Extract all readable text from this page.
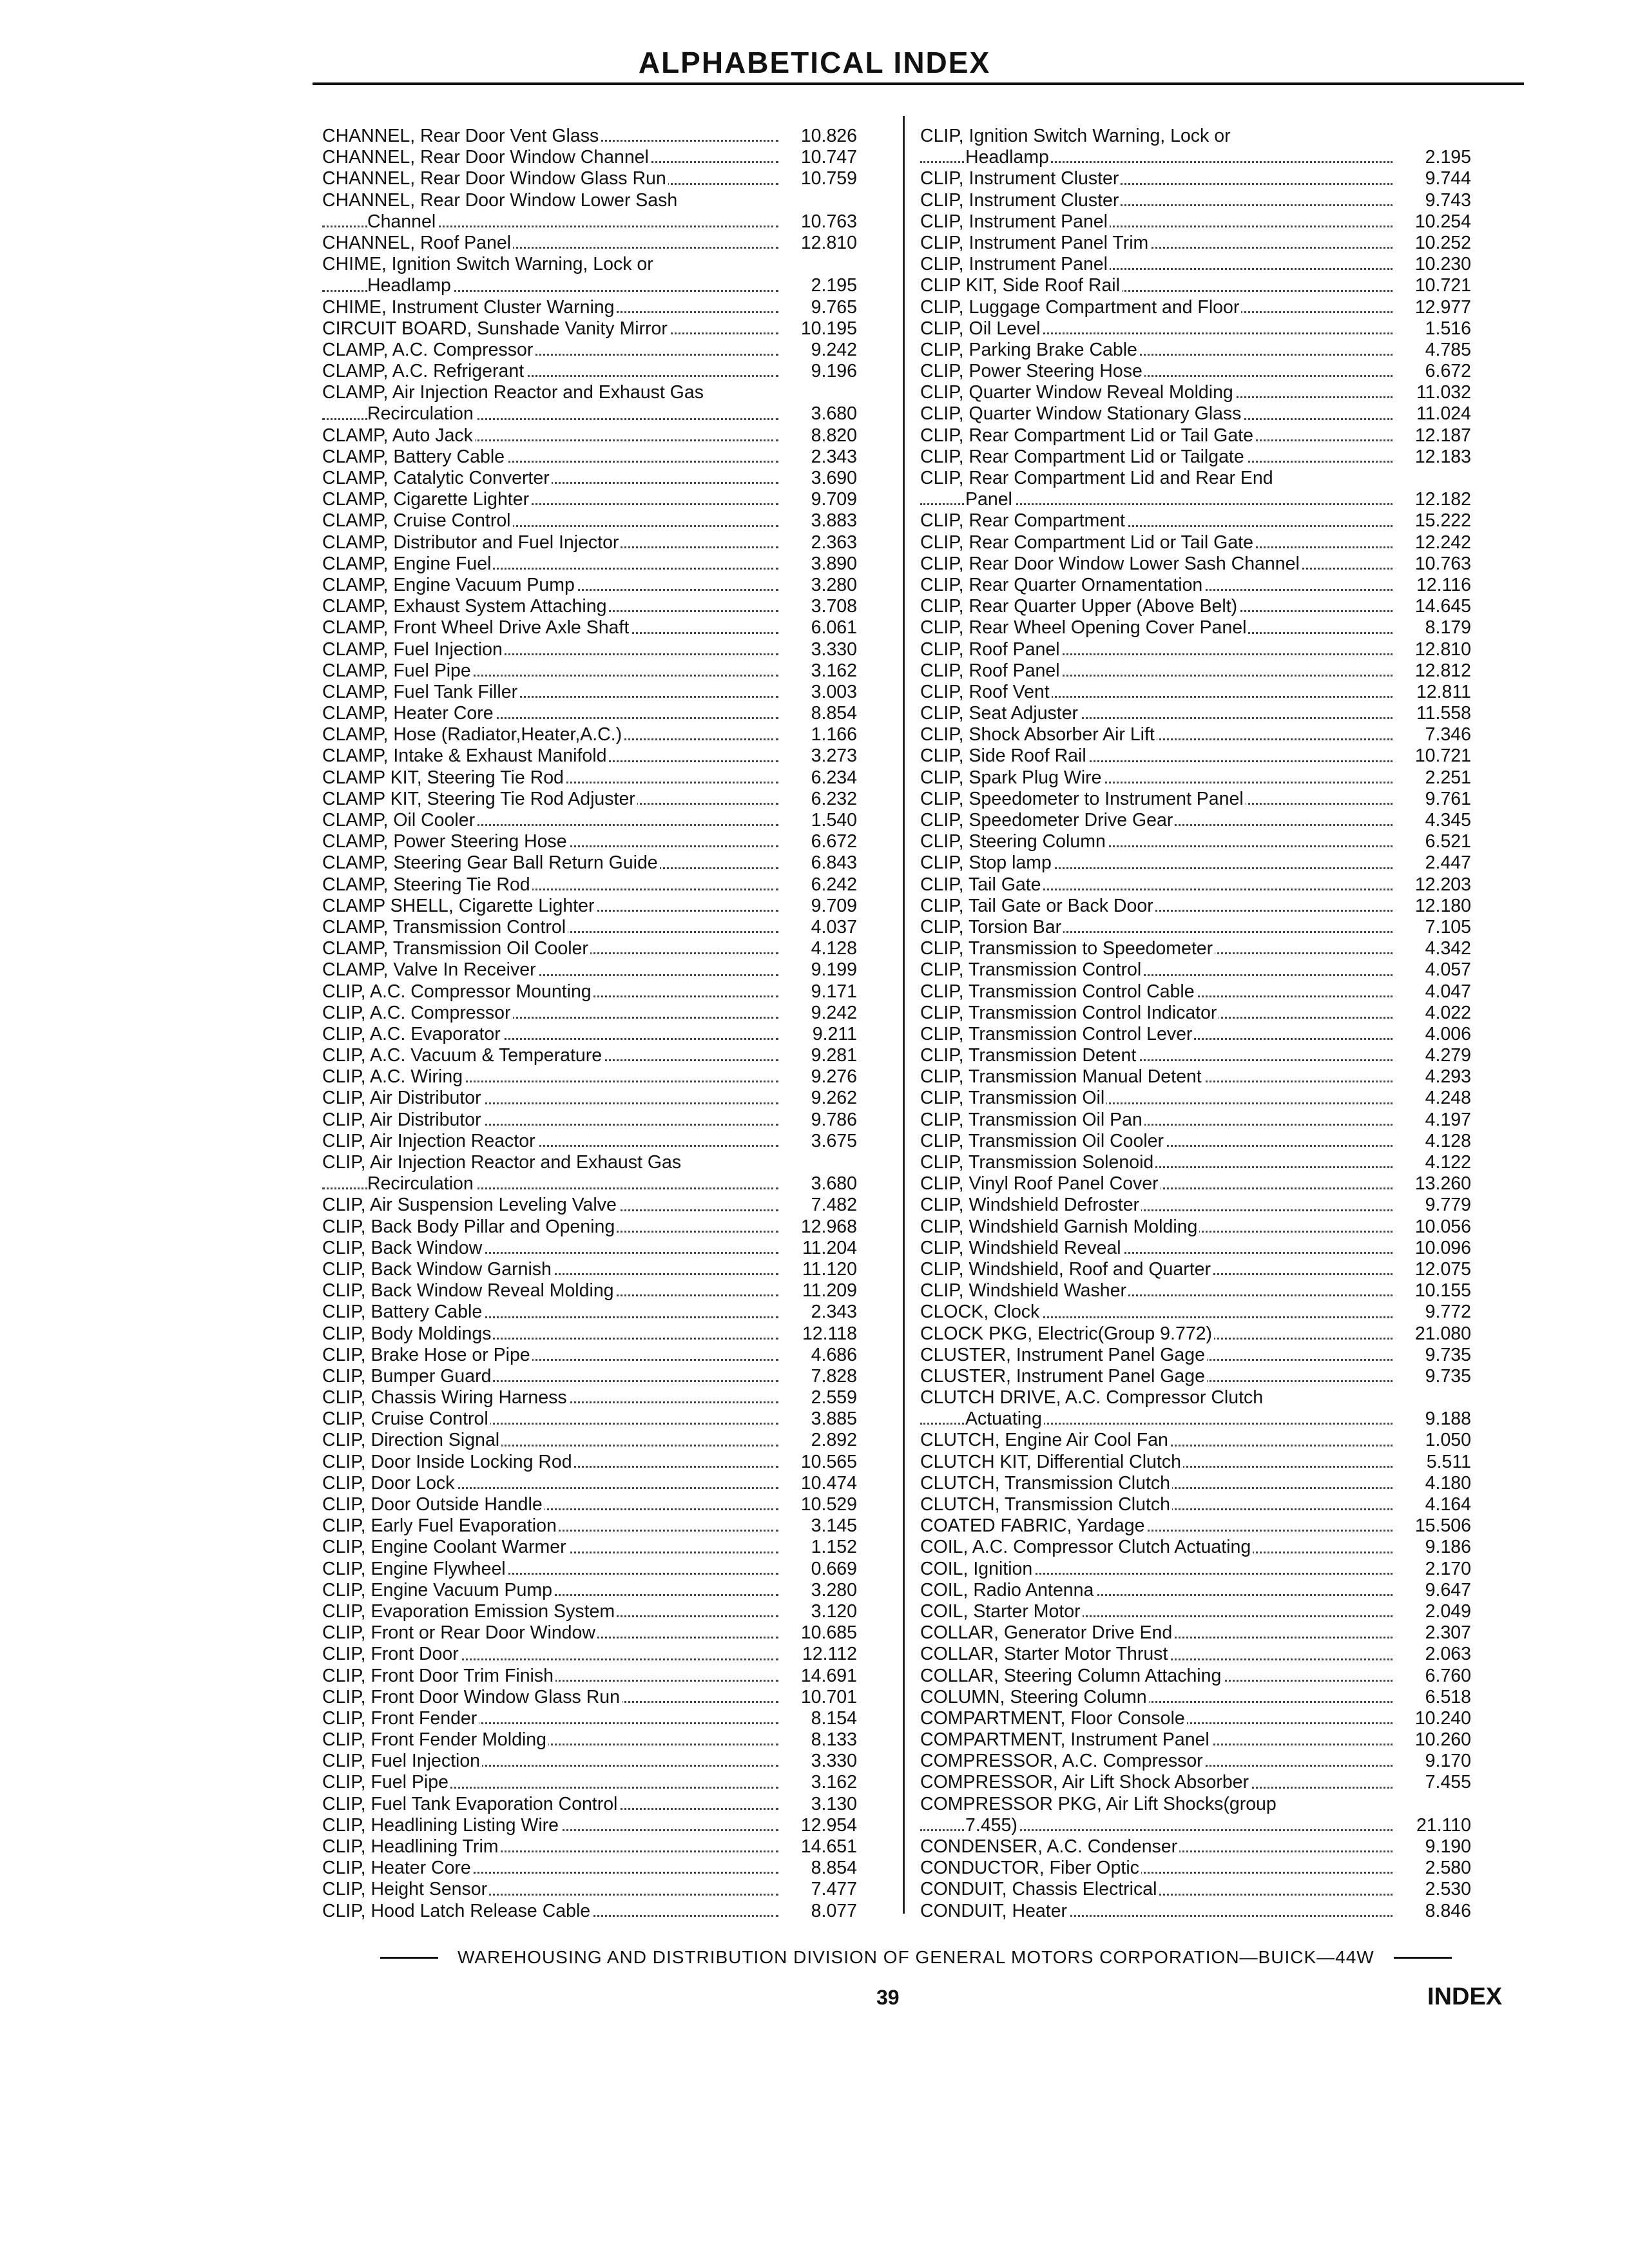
ALPHABETICAL INDEX
CHANNEL, Rear Door Vent Glass	10.826
CHANNEL, Rear Door Window Channel	10.747
CHANNEL, Rear Door Window Glass Run	10.759
CHANNEL, Rear Door Window Lower Sash
Channel	10.763
CHANNEL, Roof Panel	12.810
CHIME, Ignition Switch Warning, Lock or
Headlamp	2.195
CHIME, Instrument Cluster Warning	9.765
CIRCUIT BOARD, Sunshade Vanity Mirror	10.195
CLAMP, A.C. Compressor	9.242
CLAMP, A.C. Refrigerant	9.196
CLAMP, Air Injection Reactor and Exhaust Gas
Recirculation	3.680
CLAMP, Auto Jack	8.820
CLAMP, Battery Cable	2.343
CLAMP, Catalytic Converter	3.690
CLAMP, Cigarette Lighter	9.709
CLAMP, Cruise Control	3.883
CLAMP, Distributor and Fuel Injector	2.363
CLAMP, Engine Fuel	3.890
CLAMP, Engine Vacuum Pump	3.280
CLAMP, Exhaust System Attaching	3.708
CLAMP, Front Wheel Drive Axle Shaft	6.061
CLAMP, Fuel Injection	3.330
CLAMP, Fuel Pipe	3.162
CLAMP, Fuel Tank Filler	3.003
CLAMP, Heater Core	8.854
CLAMP, Hose (Radiator,Heater,A.C.)	1.166
CLAMP, Intake & Exhaust Manifold	3.273
CLAMP KIT, Steering Tie Rod	6.234
CLAMP KIT, Steering Tie Rod Adjuster	6.232
CLAMP, Oil Cooler	1.540
CLAMP, Power Steering Hose	6.672
CLAMP, Steering Gear Ball Return Guide	6.843
CLAMP, Steering Tie Rod	6.242
CLAMP SHELL, Cigarette Lighter	9.709
CLAMP, Transmission Control	4.037
CLAMP, Transmission Oil Cooler	4.128
CLAMP, Valve In Receiver	9.199
CLIP, A.C. Compressor Mounting	9.171
CLIP, A.C. Compressor	9.242
CLIP, A.C. Evaporator	9.211
CLIP, A.C. Vacuum & Temperature	9.281
CLIP, A.C. Wiring	9.276
CLIP, Air Distributor	9.262
CLIP, Air Distributor	9.786
CLIP, Air Injection Reactor	3.675
CLIP, Air Injection Reactor and Exhaust Gas
Recirculation	3.680
CLIP, Air Suspension Leveling Valve	7.482
CLIP, Back Body Pillar and Opening	12.968
CLIP, Back Window	11.204
CLIP, Back Window Garnish	11.120
CLIP, Back Window Reveal Molding	11.209
CLIP, Battery Cable	2.343
CLIP, Body Moldings	12.118
CLIP, Brake Hose or Pipe	4.686
CLIP, Bumper Guard	7.828
CLIP, Chassis Wiring Harness	2.559
CLIP, Cruise Control	3.885
CLIP, Direction Signal	2.892
CLIP, Door Inside Locking Rod	10.565
CLIP, Door Lock	10.474
CLIP, Door Outside Handle	10.529
CLIP, Early Fuel Evaporation	3.145
CLIP, Engine Coolant Warmer	1.152
CLIP, Engine Flywheel	0.669
CLIP, Engine Vacuum Pump	3.280
CLIP, Evaporation Emission System	3.120
CLIP, Front or Rear Door Window	10.685
CLIP, Front Door	12.112
CLIP, Front Door Trim Finish	14.691
CLIP, Front Door Window Glass Run	10.701
CLIP, Front Fender	8.154
CLIP, Front Fender Molding	8.133
CLIP, Fuel Injection	3.330
CLIP, Fuel Pipe	3.162
CLIP, Fuel Tank Evaporation Control	3.130
CLIP, Headlining Listing Wire	12.954
CLIP, Headlining Trim	14.651
CLIP, Heater Core	8.854
CLIP, Height Sensor	7.477
CLIP, Hood Latch Release Cable	8.077
CLIP, Ignition Switch Warning, Lock or
Headlamp	2.195
CLIP, Instrument Cluster	9.744
CLIP, Instrument Cluster	9.743
CLIP, Instrument Panel	10.254
CLIP, Instrument Panel Trim	10.252
CLIP, Instrument Panel	10.230
CLIP KIT, Side Roof Rail	10.721
CLIP, Luggage Compartment and Floor	12.977
CLIP, Oil Level	1.516
CLIP, Parking Brake Cable	4.785
CLIP, Power Steering Hose	6.672
CLIP, Quarter Window Reveal Molding	11.032
CLIP, Quarter Window Stationary Glass	11.024
CLIP, Rear Compartment Lid or Tail Gate	12.187
CLIP, Rear Compartment Lid or Tailgate	12.183
CLIP, Rear Compartment Lid and Rear End
Panel	12.182
CLIP, Rear Compartment	15.222
CLIP, Rear Compartment Lid or Tail Gate	12.242
CLIP, Rear Door Window Lower Sash Channel	10.763
CLIP, Rear Quarter Ornamentation	12.116
CLIP, Rear Quarter Upper (Above Belt)	14.645
CLIP, Rear Wheel Opening Cover Panel	8.179
CLIP, Roof Panel	12.810
CLIP, Roof Panel	12.812
CLIP, Roof Vent	12.811
CLIP, Seat Adjuster	11.558
CLIP, Shock Absorber Air Lift	7.346
CLIP, Side Roof Rail	10.721
CLIP, Spark Plug Wire	2.251
CLIP, Speedometer to Instrument Panel	9.761
CLIP, Speedometer Drive Gear	4.345
CLIP, Steering Column	6.521
CLIP, Stop lamp	2.447
CLIP, Tail Gate	12.203
CLIP, Tail Gate or Back Door	12.180
CLIP, Torsion Bar	7.105
CLIP, Transmission to Speedometer	4.342
CLIP, Transmission Control	4.057
CLIP, Transmission Control Cable	4.047
CLIP, Transmission Control Indicator	4.022
CLIP, Transmission Control Lever	4.006
CLIP, Transmission Detent	4.279
CLIP, Transmission Manual Detent	4.293
CLIP, Transmission Oil	4.248
CLIP, Transmission Oil Pan	4.197
CLIP, Transmission Oil Cooler	4.128
CLIP, Transmission Solenoid	4.122
CLIP, Vinyl Roof Panel Cover	13.260
CLIP, Windshield Defroster	9.779
CLIP, Windshield Garnish Molding	10.056
CLIP, Windshield Reveal	10.096
CLIP, Windshield, Roof and Quarter	12.075
CLIP, Windshield Washer	10.155
CLOCK, Clock	9.772
CLOCK PKG, Electric(Group 9.772)	21.080
CLUSTER, Instrument Panel Gage	9.735
CLUSTER, Instrument Panel Gage	9.735
CLUTCH DRIVE, A.C. Compressor Clutch
Actuating	9.188
CLUTCH, Engine Air Cool Fan	1.050
CLUTCH KIT, Differential Clutch	5.511
CLUTCH, Transmission Clutch	4.180
CLUTCH, Transmission Clutch	4.164
COATED FABRIC, Yardage	15.506
COIL, A.C. Compressor Clutch Actuating	9.186
COIL, Ignition	2.170
COIL, Radio Antenna	9.647
COIL, Starter Motor	2.049
COLLAR, Generator Drive End	2.307
COLLAR, Starter Motor Thrust	2.063
COLLAR, Steering Column Attaching	6.760
COLUMN, Steering Column	6.518
COMPARTMENT, Floor Console	10.240
COMPARTMENT, Instrument Panel	10.260
COMPRESSOR, A.C. Compressor	9.170
COMPRESSOR, Air Lift Shock Absorber	7.455
COMPRESSOR PKG, Air Lift Shocks(group
7.455)	21.110
CONDENSER, A.C. Condenser	9.190
CONDUCTOR, Fiber Optic	2.580
CONDUIT, Chassis Electrical	2.530
CONDUIT, Heater	8.846
WAREHOUSING AND DISTRIBUTION DIVISION OF GENERAL MOTORS CORPORATION—BUICK—44W
39	INDEX
